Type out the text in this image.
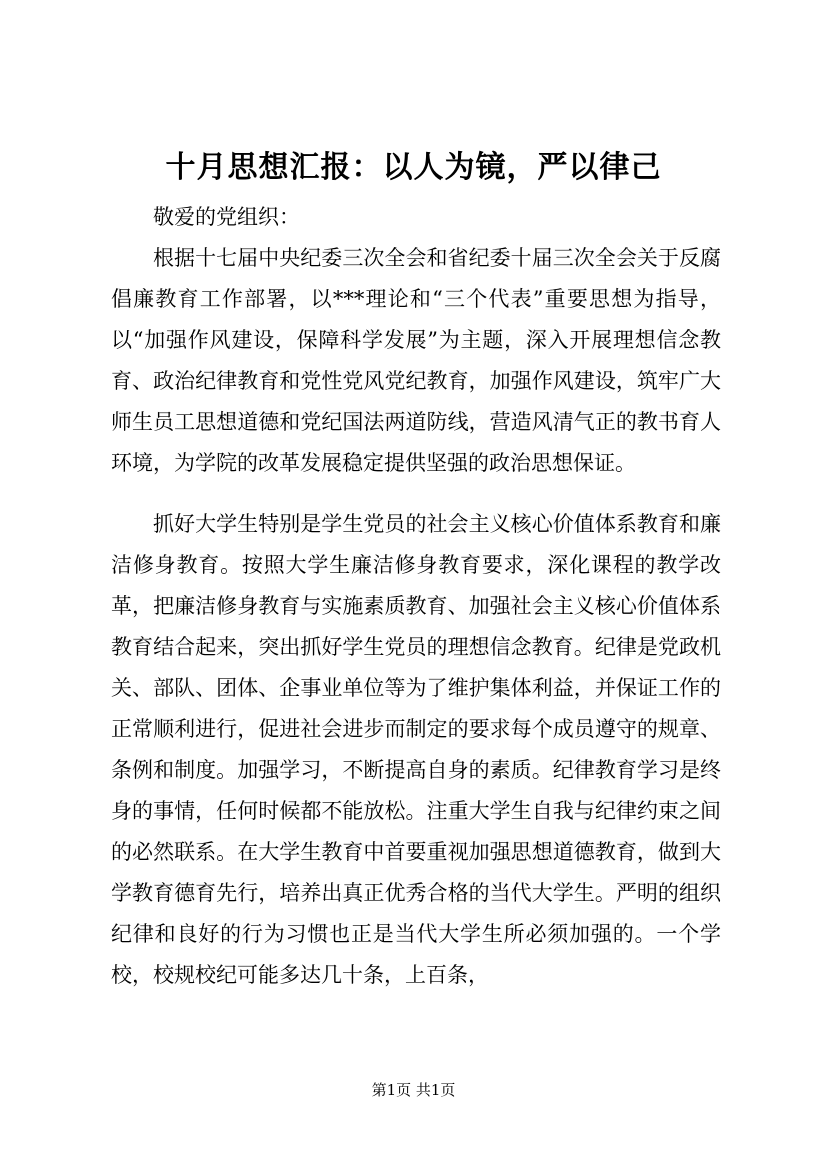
十月思想汇报：以人为镜，严以律己

敬爱的党组织：

根据十七届中央纪委三次全会和省纪委十届三次全会关于反腐倡廉教育工作部署，以***理论和“三个代表”重要思想为指导，以“加强作风建设，保障科学发展”为主题，深入开展理想信念教育、政治纪律教育和党性党风党纪教育，加强作风建设，筑牢广大师生员工思想道德和党纪国法两道防线，营造风清气正的教书育人环境，为学院的改革发展稳定提供坚强的政治思想保证。

抓好大学生特别是学生党员的社会主义核心价值体系教育和廉洁修身教育。按照大学生廉洁修身教育要求，深化课程的教学改革，把廉洁修身教育与实施素质教育、加强社会主义核心价值体系教育结合起来，突出抓好学生党员的理想信念教育。纪律是党政机关、部队、团体、企事业单位等为了维护集体利益，并保证工作的正常顺利进行，促进社会进步而制定的要求每个成员遵守的规章、条例和制度。加强学习，不断提高自身的素质。纪律教育学习是终身的事情，任何时候都不能放松。注重大学生自我与纪律约束之间的必然联系。在大学生教育中首要重视加强思想道德教育，做到大学教育德育先行，培养出真正优秀合格的当代大学生。严明的组织纪律和良好的行为习惯也正是当代大学生所必须加强的。一个学校，校规校纪可能多达几十条，上百条，

第1页 共1页
